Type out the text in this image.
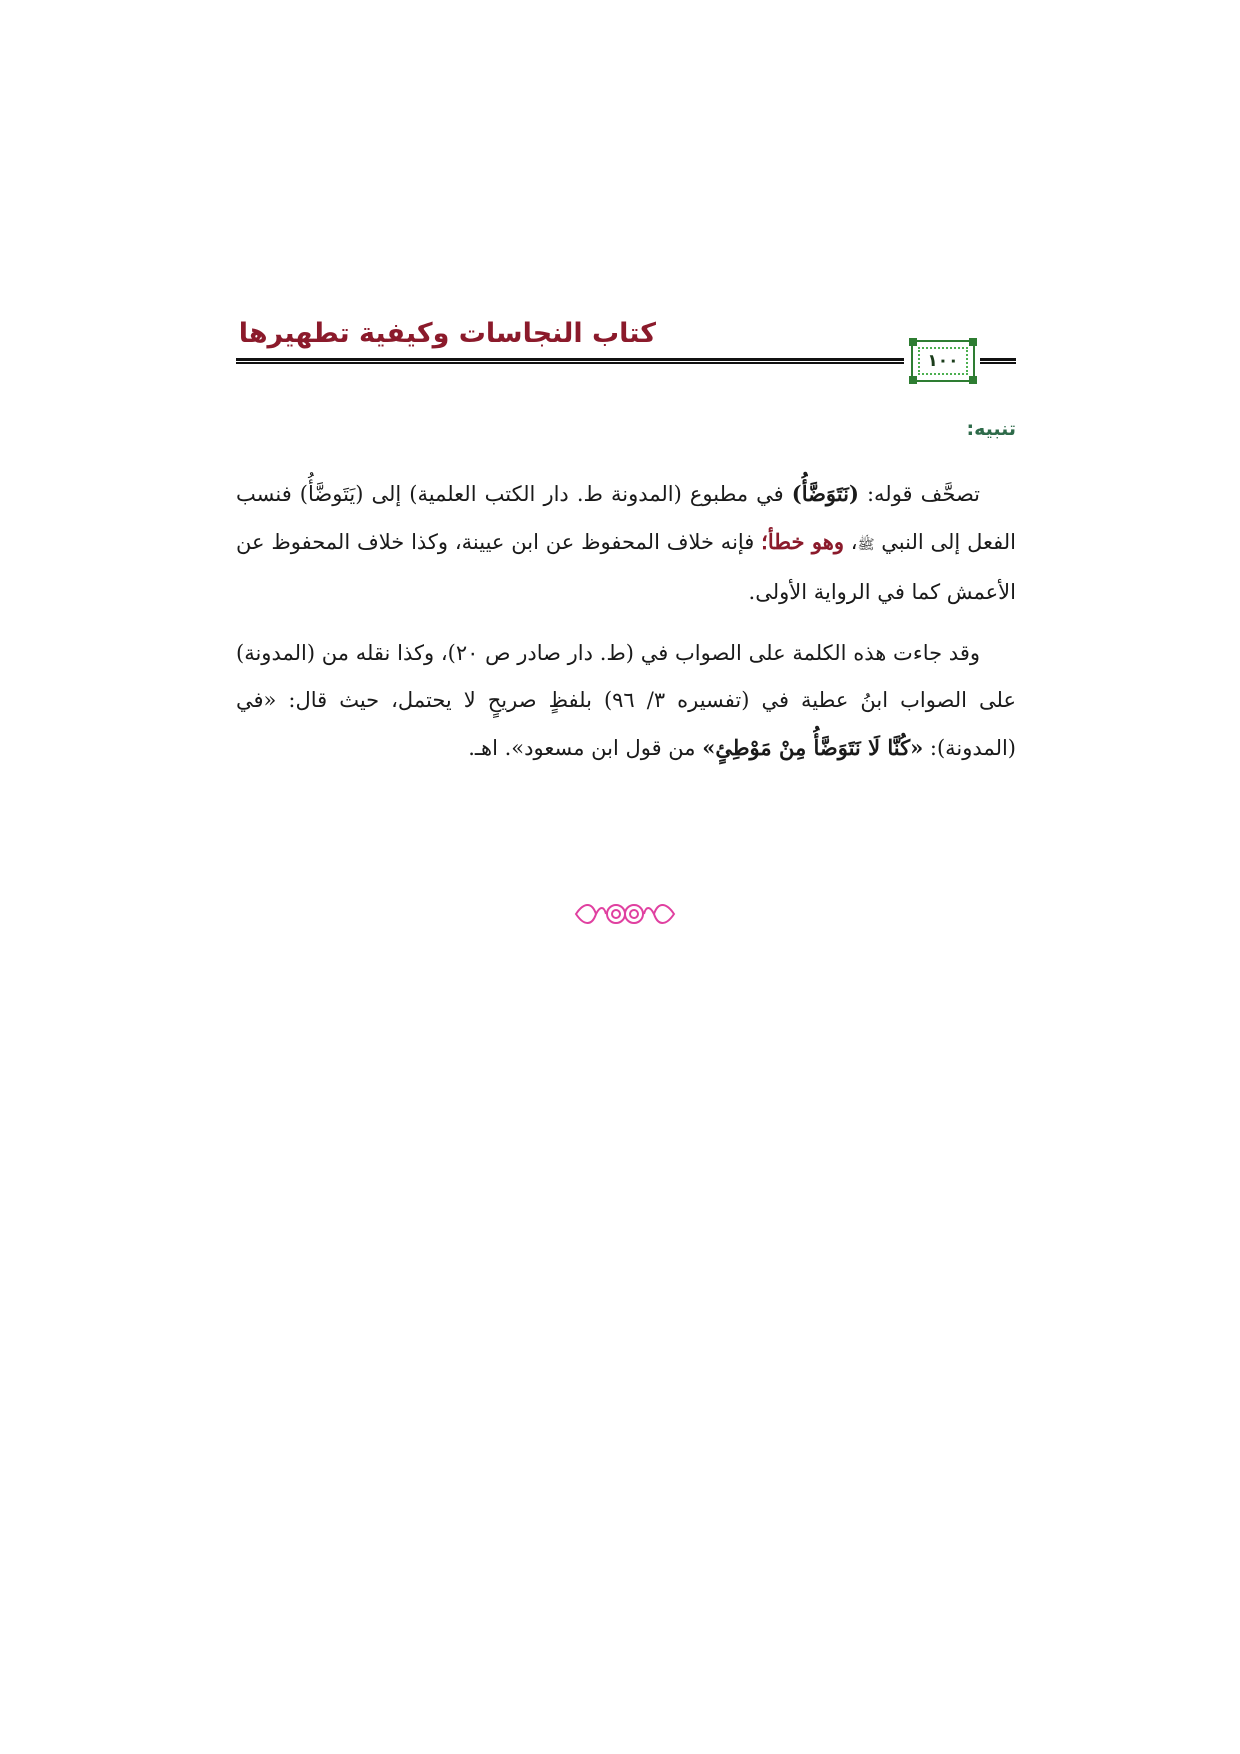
كتاب النجاسات وكيفية تطهيرها
١٠٠
تنبيه:

تصحَّف قوله: (نَتَوَضَّأُ) في مطبوع (المدونة ط. دار الكتب العلمية) إلى (يَتَوضَّأُ) فنسب الفعل إلى النبي ﷺ، وهو خطأ؛ فإنه خلاف المحفوظ عن ابن عيينة، وكذا خلاف المحفوظ عن الأعمش كما في الرواية الأولى.

وقد جاءت هذه الكلمة على الصواب في (ط. دار صادر ص ٢٠)، وكذا نقله من (المدونة) على الصواب ابنُ عطية في (تفسيره ٣/ ٩٦) بلفظٍ صريحٍ لا يحتمل، حيث قال: «في (المدونة): «كُنَّا لَا نَتَوَضَّأُ مِنْ مَوْطِئٍ» من قول ابن مسعود». اهـ.
